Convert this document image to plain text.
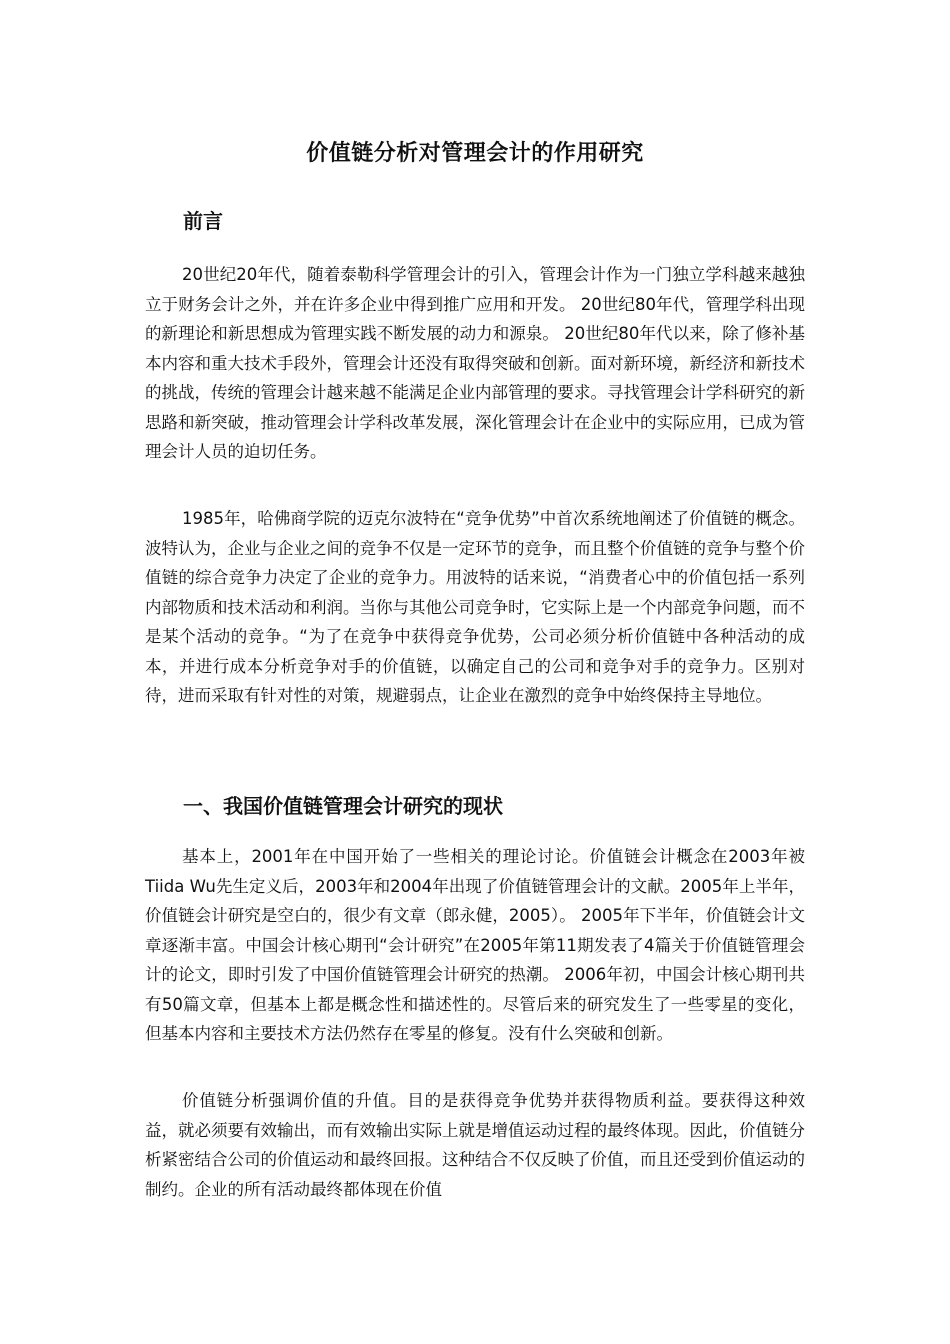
价值链分析对管理会计的作用研究
前言

20世纪20年代，随着泰勒科学管理会计的引入，管理会计作为一门独立学科越来越独立于财务会计之外，并在许多企业中得到推广应用和开发。 20世纪80年代，管理学科出现的新理论和新思想成为管理实践不断发展的动力和源泉。 20世纪80年代以来，除了修补基本内容和重大技术手段外，管理会计还没有取得突破和创新。面对新环境，新经济和新技术的挑战，传统的管理会计越来越不能满足企业内部管理的要求。寻找管理会计学科研究的新思路和新突破，推动管理会计学科改革发展，深化管理会计在企业中的实际应用，已成为管理会计人员的迫切任务。

1985年，哈佛商学院的迈克尔波特在“竞争优势”中首次系统地阐述了价值链的概念。波特认为，企业与企业之间的竞争不仅是一定环节的竞争，而且整个价值链的竞争与整个价值链的综合竞争力决定了企业的竞争力。用波特的话来说，“消费者心中的价值包括一系列内部物质和技术活动和利润。当你与其他公司竞争时，它实际上是一个内部竞争问题，而不是某个活动的竞争。“为了在竞争中获得竞争优势，公司必须分析价值链中各种活动的成本，并进行成本分析竞争对手的价值链，以确定自己的公司和竞争对手的竞争力。区别对待，进而采取有针对性的对策，规避弱点，让企业在激烈的竞争中始终保持主导地位。

一、我国价值链管理会计研究的现状

基本上，2001年在中国开始了一些相关的理论讨论。价值链会计概念在2003年被Tiida Wu先生定义后，2003年和2004年出现了价值链管理会计的文献。2005年上半年，价值链会计研究是空白的，很少有文章（郎永健，2005）。 2005年下半年，价值链会计文章逐渐丰富。中国会计核心期刊“会计研究”在2005年第11期发表了4篇关于价值链管理会计的论文，即时引发了中国价值链管理会计研究的热潮。 2006年初，中国会计核心期刊共有50篇文章，但基本上都是概念性和描述性的。尽管后来的研究发生了一些零星的变化，但基本内容和主要技术方法仍然存在零星的修复。没有什么突破和创新。

价值链分析强调价值的升值。目的是获得竞争优势并获得物质利益。要获得这种效益，就必须要有效输出，而有效输出实际上就是增值运动过程的最终体现。因此，价值链分析紧密结合公司的价值运动和最终回报。这种结合不仅反映了价值，而且还受到价值运动的制约。企业的所有活动最终都体现在价值
